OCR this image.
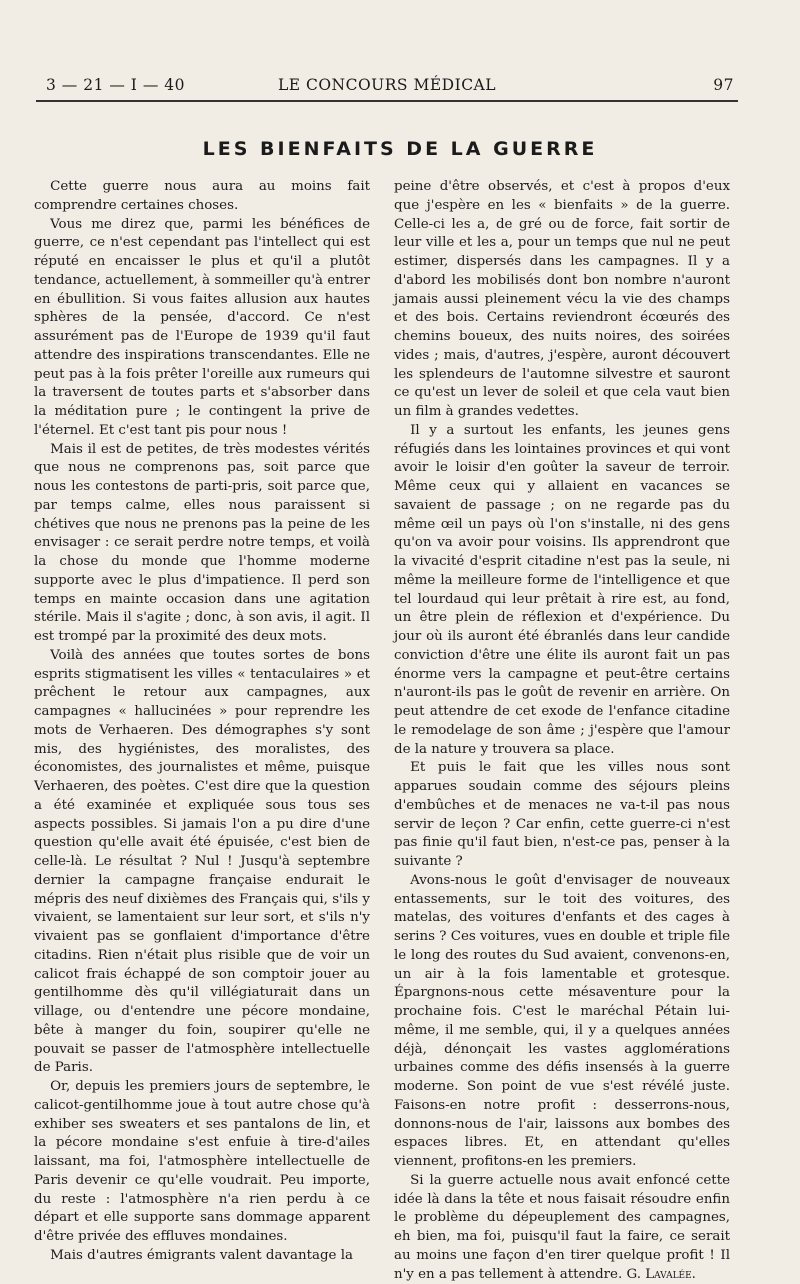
3 — 21 — I — 40	LE CONCOURS MÉDICAL	97
LES BIENFAITS DE LA GUERRE

Cette guerre nous aura au moins fait comprendre certaines choses.

Vous me direz que, parmi les bénéfices de guerre, ce n'est cependant pas l'intellect qui est réputé en encaisser le plus et qu'il a plutôt tendance, actuellement, à sommeiller qu'à entrer en ébullition. Si vous faites allusion aux hautes sphères de la pensée, d'accord. Ce n'est assurément pas de l'Europe de 1939 qu'il faut attendre des inspirations transcendantes. Elle ne peut pas à la fois prêter l'oreille aux rumeurs qui la traversent de toutes parts et s'absorber dans la méditation pure ; le contingent la prive de l'éternel. Et c'est tant pis pour nous !

Mais il est de petites, de très modestes vérités que nous ne comprenons pas, soit parce que nous les contestons de parti-pris, soit parce que, par temps calme, elles nous paraissent si chétives que nous ne prenons pas la peine de les envisager : ce serait perdre notre temps, et voilà la chose du monde que l'homme moderne supporte avec le plus d'impatience. Il perd son temps en mainte occasion dans une agitation stérile. Mais il s'agite ; donc, à son avis, il agit. Il est trompé par la proximité des deux mots.

Voilà des années que toutes sortes de bons esprits stigmatisent les villes « tentaculaires » et prêchent le retour aux campagnes, aux campagnes « hallucinées » pour reprendre les mots de Verhaeren. Des démographes s'y sont mis, des hygiénistes, des moralistes, des économistes, des journalistes et même, puisque Verhaeren, des poètes. C'est dire que la question a été examinée et expliquée sous tous ses aspects possibles. Si jamais l'on a pu dire d'une question qu'elle avait été épuisée, c'est bien de celle-là. Le résultat ? Nul ! Jusqu'à septembre dernier la campagne française endurait le mépris des neuf dixièmes des Français qui, s'ils y vivaient, se lamentaient sur leur sort, et s'ils n'y vivaient pas se gonflaient d'importance d'être citadins. Rien n'était plus risible que de voir un calicot frais échappé de son comptoir jouer au gentilhomme dès qu'il villégiaturait dans un village, ou d'entendre une pécore mondaine, bête à manger du foin, soupirer qu'elle ne pouvait se passer de l'atmosphère intellectuelle de Paris.

Or, depuis les premiers jours de septembre, le calicot-gentilhomme joue à tout autre chose qu'à exhiber ses sweaters et ses pantalons de lin, et la pécore mondaine s'est enfuie à tire-d'ailes laissant, ma foi, l'atmosphère intellectuelle de Paris devenir ce qu'elle voudrait. Peu importe, du reste : l'atmosphère n'a rien perdu à ce départ et elle supporte sans dommage apparent d'être privée des effluves mondaines.

Mais d'autres émigrants valent davantage la

peine d'être observés, et c'est à propos d'eux que j'espère en les « bienfaits » de la guerre. Celle-ci les a, de gré ou de force, fait sortir de leur ville et les a, pour un temps que nul ne peut estimer, dispersés dans les campagnes. Il y a d'abord les mobilisés dont bon nombre n'auront jamais aussi pleinement vécu la vie des champs et des bois. Certains reviendront écœurés des chemins boueux, des nuits noires, des soirées vides ; mais, d'autres, j'espère, auront découvert les splendeurs de l'automne silvestre et sauront ce qu'est un lever de soleil et que cela vaut bien un film à grandes vedettes.

Il y a surtout les enfants, les jeunes gens réfugiés dans les lointaines provinces et qui vont avoir le loisir d'en goûter la saveur de terroir. Même ceux qui y allaient en vacances se savaient de passage ; on ne regarde pas du même œil un pays où l'on s'installe, ni des gens qu'on va avoir pour voisins. Ils apprendront que la vivacité d'esprit citadine n'est pas la seule, ni même la meilleure forme de l'intelligence et que tel lourdaud qui leur prêtait à rire est, au fond, un être plein de réflexion et d'expérience. Du jour où ils auront été ébranlés dans leur candide conviction d'être une élite ils auront fait un pas énorme vers la campagne et peut-être certains n'auront-ils pas le goût de revenir en arrière. On peut attendre de cet exode de l'enfance citadine le remodelage de son âme ; j'espère que l'amour de la nature y trouvera sa place.

Et puis le fait que les villes nous sont apparues soudain comme des séjours pleins d'embûches et de menaces ne va-t-il pas nous servir de leçon ? Car enfin, cette guerre-ci n'est pas finie qu'il faut bien, n'est-ce pas, penser à la suivante ?

Avons-nous le goût d'envisager de nouveaux entassements, sur le toit des voitures, des matelas, des voitures d'enfants et des cages à serins ? Ces voitures, vues en double et triple file le long des routes du Sud avaient, convenons-en, un air à la fois lamentable et grotesque. Épargnons-nous cette mésaventure pour la prochaine fois. C'est le maréchal Pétain lui-même, il me semble, qui, il y a quelques années déjà, dénonçait les vastes agglomérations urbaines comme des défis insensés à la guerre moderne. Son point de vue s'est révélé juste. Faisons-en notre profit : desserrons-nous, donnons-nous de l'air, laissons aux bombes des espaces libres. Et, en attendant qu'elles viennent, profitons-en les premiers.

Si la guerre actuelle nous avait enfoncé cette idée là dans la tête et nous faisait résoudre enfin le problème du dépeuplement des campagnes, eh bien, ma foi, puisqu'il faut la faire, ce serait au moins une façon d'en tirer quelque profit ! Il n'y en a pas tellement à attendre. G. Lavalée.
